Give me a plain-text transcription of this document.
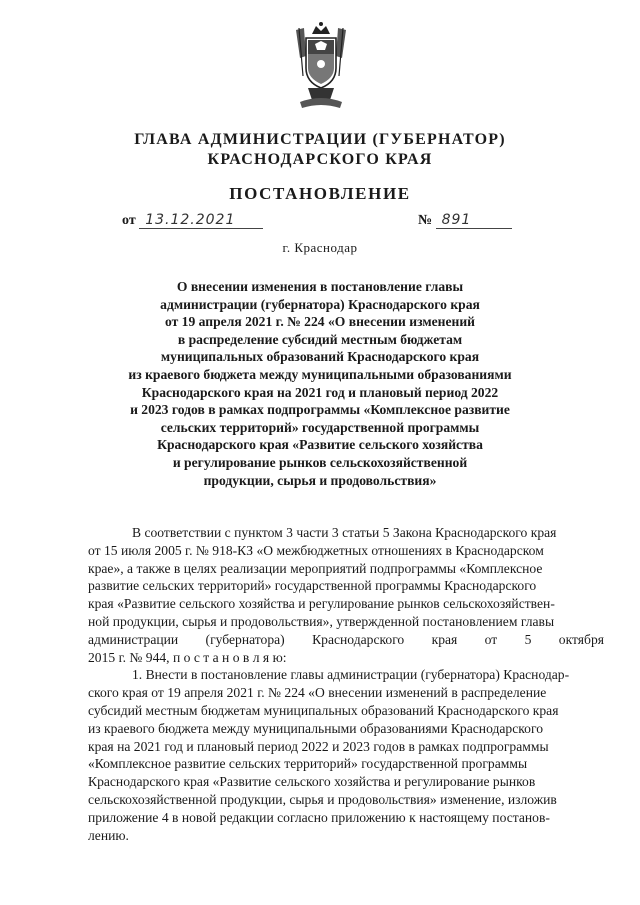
ГЛАВА АДМИНИСТРАЦИИ (ГУБЕРНАТОР)
КРАСНОДАРСКОГО КРАЯ
ПОСТАНОВЛЕНИЕ
от 13.12.2021	№ 891
г. Краснодар
О внесении изменения в постановление главы
администрации (губернатора) Краснодарского края
от 19 апреля 2021 г. № 224 «О внесении изменений
в распределение субсидий местным бюджетам
муниципальных образований Краснодарского края
из краевого бюджета между муниципальными образованиями
Краснодарского края на 2021 год и плановый период 2022
и 2023 годов в рамках подпрограммы «Комплексное развитие
сельских территорий» государственной программы
Краснодарского края «Развитие сельского хозяйства
и регулирование рынков сельскохозяйственной
продукции, сырья и продовольствия»
В соответствии с пунктом 3 части 3 статьи 5 Закона Краснодарского края
от 15 июля 2005 г. № 918-КЗ «О межбюджетных отношениях в Краснодарском
крае», а также в целях реализации мероприятий подпрограммы «Комплексное
развитие сельских территорий» государственной программы Краснодарского
края «Развитие сельского хозяйства и регулирование рынков сельскохозяйствен-
ной продукции, сырья и продовольствия», утвержденной постановлением главы
администрации (губернатора) Краснодарского края от 5 октября
2015 г. № 944, п о с т а н о в л я ю:
1. Внести в постановление главы администрации (губернатора) Краснодар-
ского края от 19 апреля 2021 г. № 224 «О внесении изменений в распределение
субсидий местным бюджетам муниципальных образований Краснодарского края
из краевого бюджета между муниципальными образованиями Краснодарского
края на 2021 год и плановый период 2022 и 2023 годов в рамках подпрограммы
«Комплексное развитие сельских территорий» государственной программы
Краснодарского края «Развитие сельского хозяйства и регулирование рынков
сельскохозяйственной продукции, сырья и продовольствия» изменение, изложив
приложение 4 в новой редакции согласно приложению к настоящему постанов-
лению.
